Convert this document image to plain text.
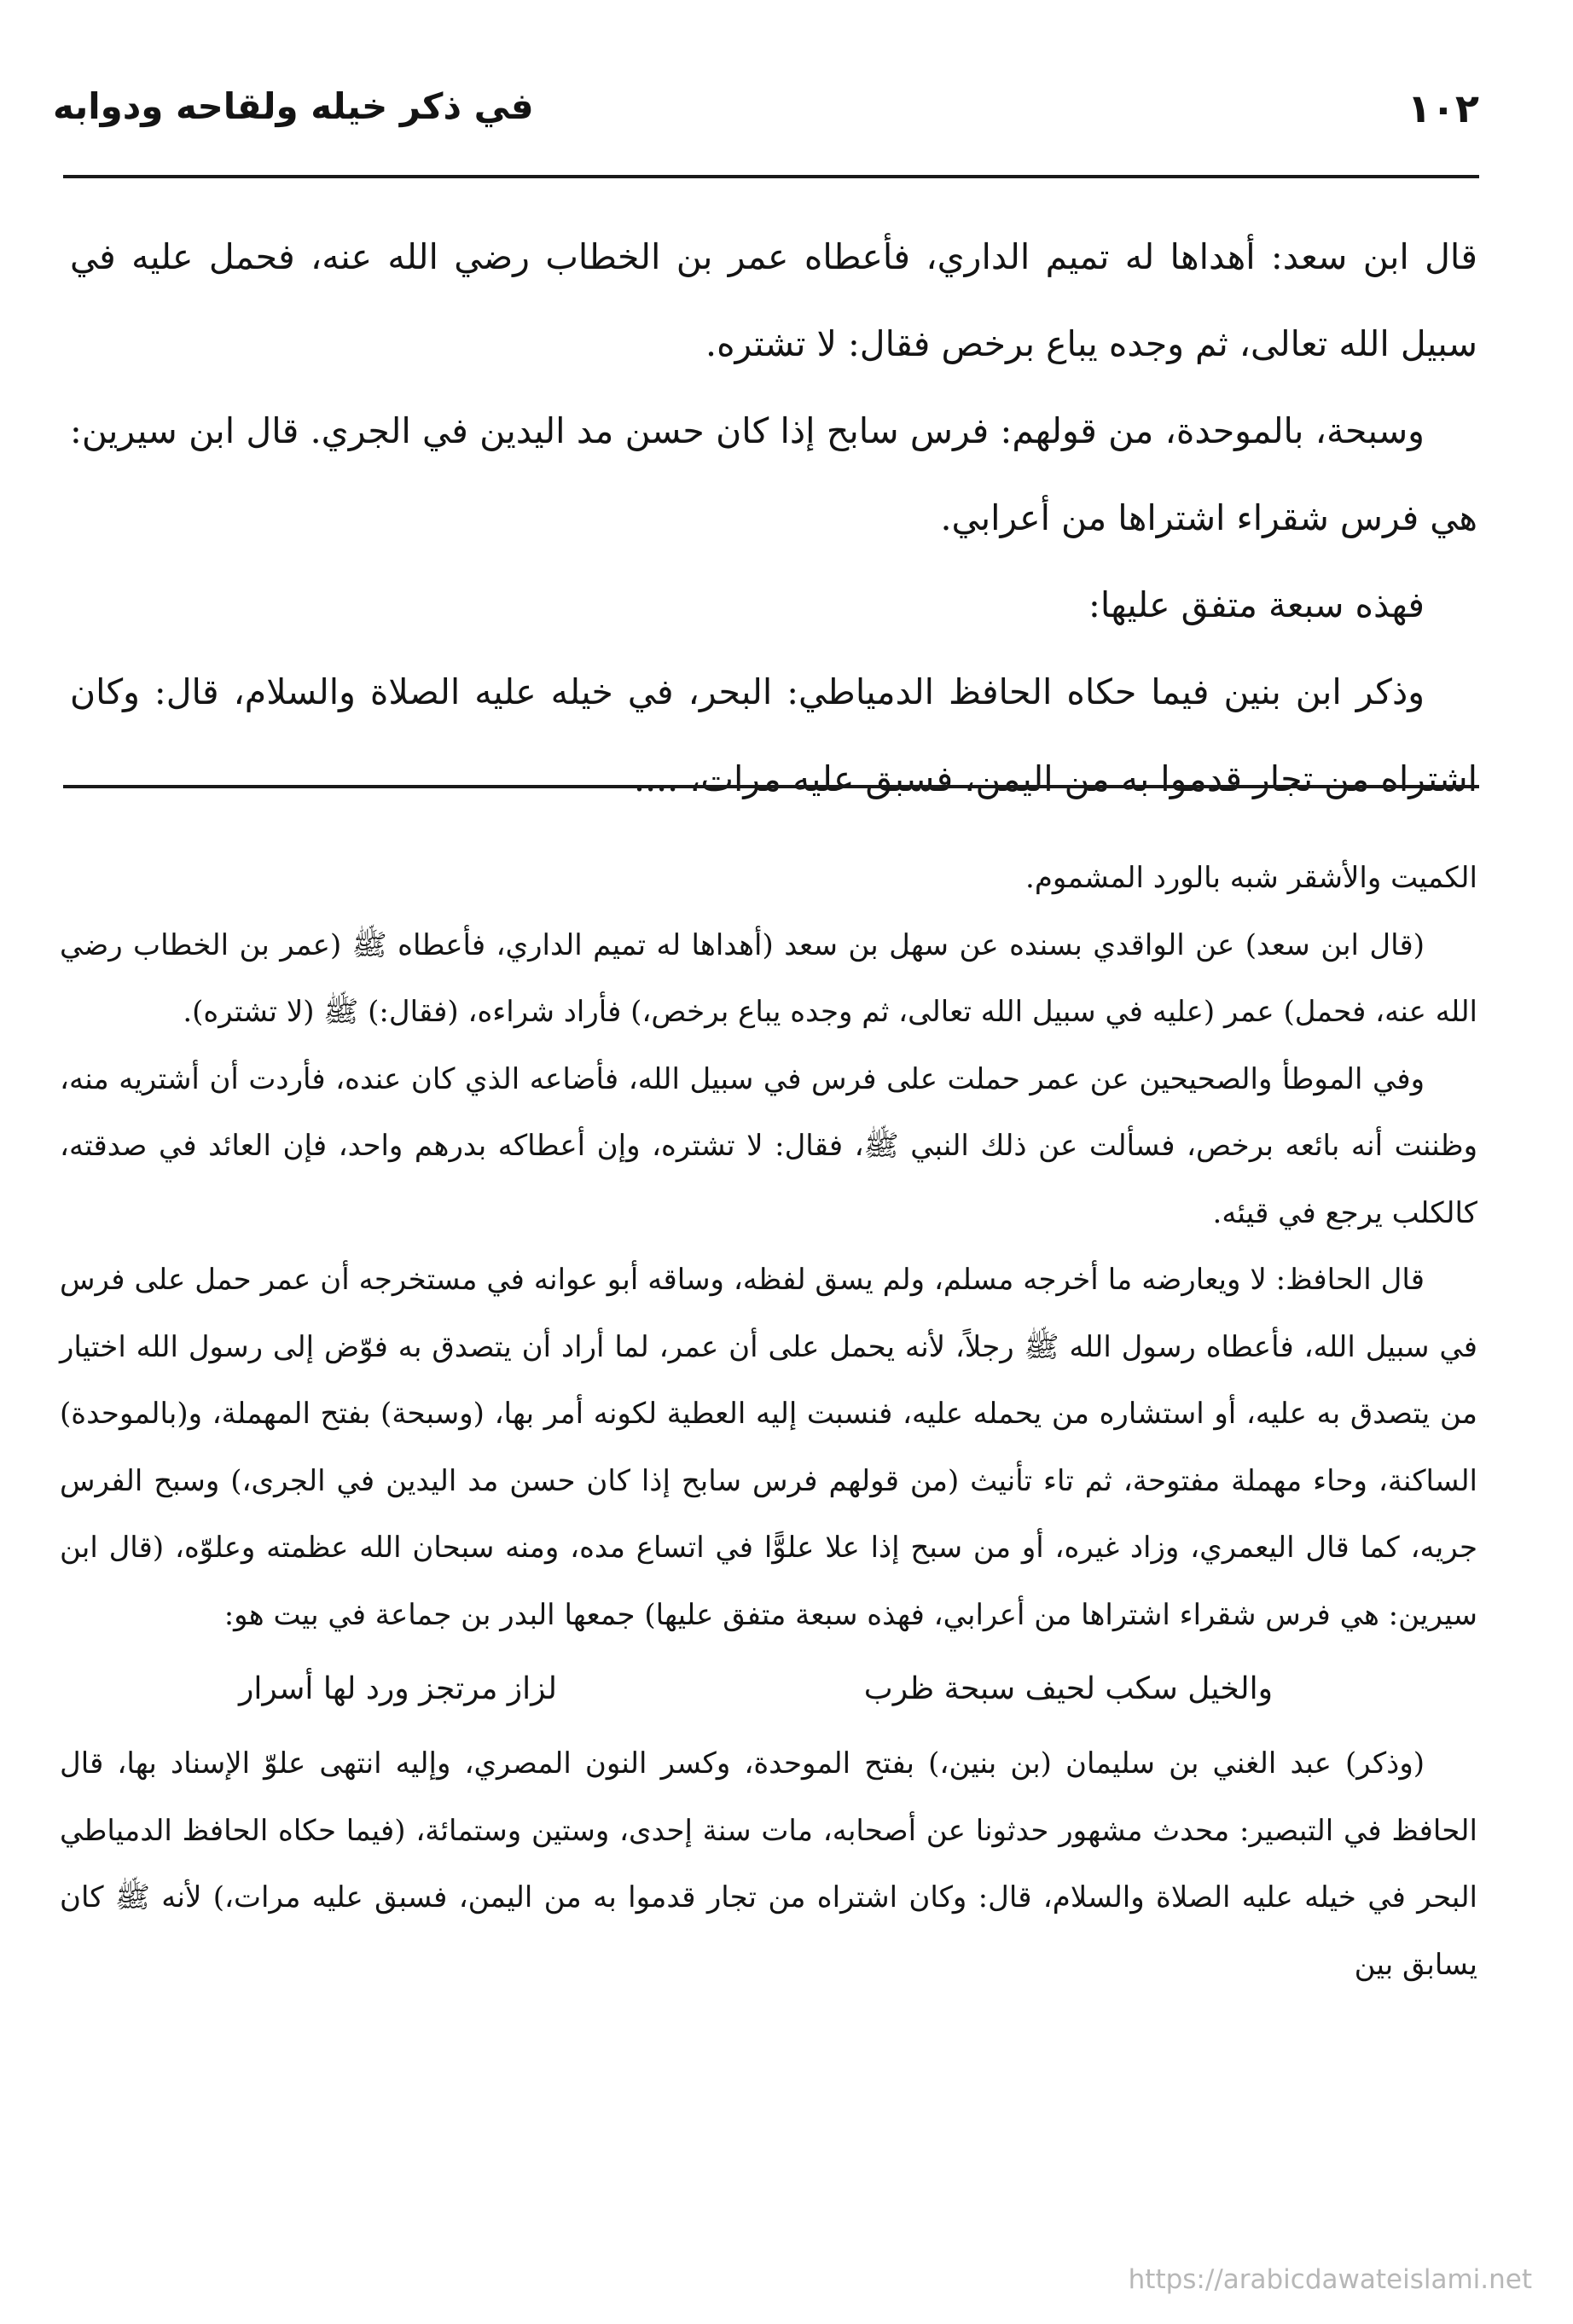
١٠٢
في ذكر خيله ولقاحه ودوابه

قال ابن سعد: أهداها له تميم الداري، فأعطاه عمر بن الخطاب رضي الله عنه، فحمل عليه في سبيل الله تعالى، ثم وجده يباع برخص فقال: لا تشتره.

وسبحة، بالموحدة، من قولهم: فرس سابح إذا كان حسن مد اليدين في الجري. قال ابن سيرين: هي فرس شقراء اشتراها من أعرابي.

فهذه سبعة متفق عليها:

وذكر ابن بنين فيما حكاه الحافظ الدمياطي: البحر، في خيله عليه الصلاة والسلام، قال: وكان اشتراه من تجار قدموا به من اليمن، فسبق عليه مرات، ....

الكميت والأشقر شبه بالورد المشموم.

(قال ابن سعد) عن الواقدي بسنده عن سهل بن سعد (أهداها له تميم الداري، فأعطاه ﷺ (عمر بن الخطاب رضي الله عنه، فحمل) عمر (عليه في سبيل الله تعالى، ثم وجده يباع برخص،) فأراد شراءه، (فقال:) ﷺ (لا تشتره).

وفي الموطأ والصحيحين عن عمر حملت على فرس في سبيل الله، فأضاعه الذي كان عنده، فأردت أن أشتريه منه، وظننت أنه بائعه برخص، فسألت عن ذلك النبي ﷺ، فقال: لا تشتره، وإن أعطاكه بدرهم واحد، فإن العائد في صدقته، كالكلب يرجع في قيئه.

قال الحافظ: لا ويعارضه ما أخرجه مسلم، ولم يسق لفظه، وساقه أبو عوانه في مستخرجه أن عمر حمل على فرس في سبيل الله، فأعطاه رسول الله ﷺ رجلاً، لأنه يحمل على أن عمر، لما أراد أن يتصدق به فوّض إلى رسول الله اختيار من يتصدق به عليه، أو استشاره من يحمله عليه، فنسبت إليه العطية لكونه أمر بها، (وسبحة) بفتح المهملة، و(بالموحدة) الساكنة، وحاء مهملة مفتوحة، ثم تاء تأنيث (من قولهم فرس سابح إذا كان حسن مد اليدين في الجرى،) وسبح الفرس جريه، كما قال اليعمري، وزاد غيره، أو من سبح إذا علا علوًّا في اتساع مده، ومنه سبحان الله عظمته وعلوّه، (قال ابن سيرين: هي فرس شقراء اشتراها من أعرابي، فهذه سبعة متفق عليها) جمعها البدر بن جماعة في بيت هو:

والخيل سكب لحيف سبحة ظرب
لزاز مرتجز ورد لها أسرار

(وذكر) عبد الغني بن سليمان (بن بنين،) بفتح الموحدة، وكسر النون المصري، وإليه انتهى علوّ الإسناد بها، قال الحافظ في التبصير: محدث مشهور حدثونا عن أصحابه، مات سنة إحدى، وستين وستمائة، (فيما حكاه الحافظ الدمياطي البحر في خيله عليه الصلاة والسلام، قال: وكان اشتراه من تجار قدموا به من اليمن، فسبق عليه مرات،) لأنه ﷺ كان يسابق بين

https://arabicdawateislami.net
